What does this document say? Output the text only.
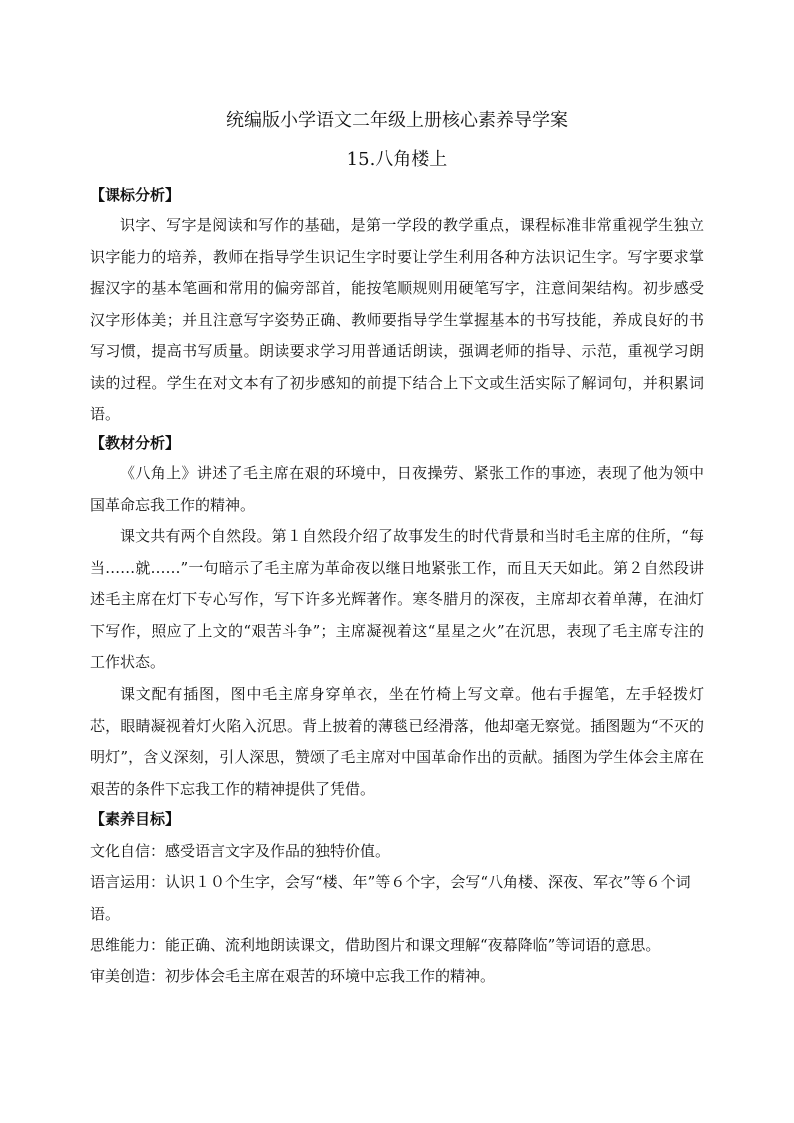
统编版小学语文二年级上册核心素养导学案
15.八角楼上
【课标分析】
识字、写字是阅读和写作的基础，是第一学段的教学重点，课程标准非常重视学生独立识字能力的培养，教师在指导学生识记生字时要让学生利用各种方法识记生字。写字要求掌握汉字的基本笔画和常用的偏旁部首，能按笔顺规则用硬笔写字，注意间架结构。初步感受汉字形体美；并且注意写字姿势正确、教师要指导学生掌握基本的书写技能，养成良好的书写习惯，提高书写质量。朗读要求学习用普通话朗读，强调老师的指导、示范，重视学习朗读的过程。学生在对文本有了初步感知的前提下结合上下文或生活实际了解词句，并积累词语。
【教材分析】
《八角上》讲述了毛主席在艰的环境中，日夜操劳、紧张工作的事迹，表现了他为领中国革命忘我工作的精神。
课文共有两个自然段。第１自然段介绍了故事发生的时代背景和当时毛主席的住所，“每当……就……”一句暗示了毛主席为革命夜以继日地紧张工作，而且天天如此。第２自然段讲述毛主席在灯下专心写作，写下许多光辉著作。寒冬腊月的深夜，主席却衣着单薄，在油灯下写作，照应了上文的“艰苦斗争”；主席凝视着这“星星之火”在沉思，表现了毛主席专注的工作状态。
课文配有插图，图中毛主席身穿单衣，坐在竹椅上写文章。他右手握笔，左手轻拨灯芯，眼睛凝视着灯火陷入沉思。背上披着的薄毯已经滑落，他却毫无察觉。插图题为“不灭的明灯”，含义深刻，引人深思，赞颂了毛主席对中国革命作出的贡献。插图为学生体会主席在艰苦的条件下忘我工作的精神提供了凭借。
【素养目标】
文化自信：感受语言文字及作品的独特价值。
语言运用：认识１０个生字，会写“楼、年”等６个字，会写“八角楼、深夜、军衣”等６个词语。
思维能力：能正确、流利地朗读课文，借助图片和课文理解“夜幕降临”等词语的意思。
审美创造：初步体会毛主席在艰苦的环境中忘我工作的精神。
